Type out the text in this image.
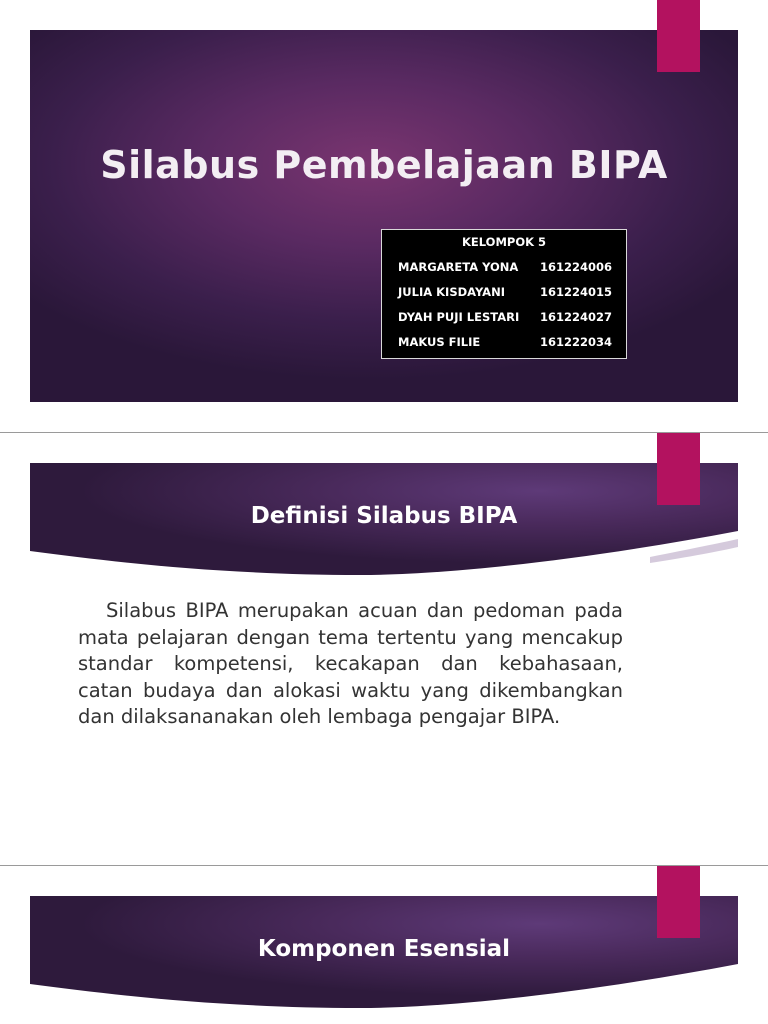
Silabus Pembelajaan BIPA
KELOMPOK 5
MARGARETA YONA 161224006
JULIA KISDAYANI	161224015
DYAH PUJI LESTARI 161224027
MAKUS FILIE	161222034
Definisi Silabus BIPA
Silabus BIPA merupakan acuan dan pedoman pada mata pelajaran dengan tema tertentu yang mencakup standar kompetensi, kecakapan dan kebahasaan, catan budaya dan alokasi waktu yang dikembangkan dan dilaksananakan oleh lembaga pengajar BIPA.
Komponen Esensial
